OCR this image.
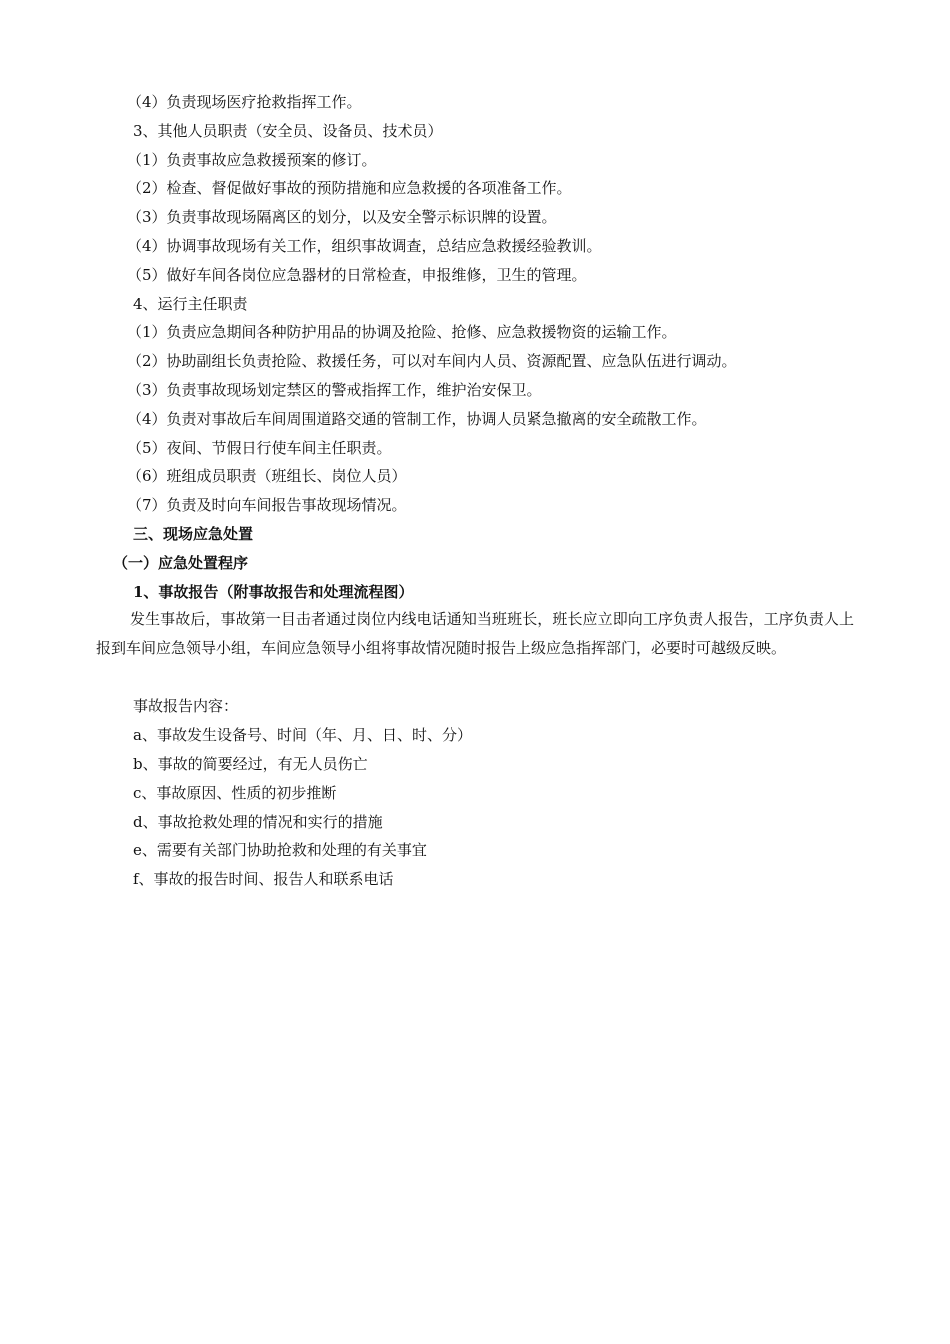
（4）负责现场医疗抢救指挥工作。
3、其他人员职责（安全员、设备员、技术员）
（1）负责事故应急救援预案的修订。
（2）检查、督促做好事故的预防措施和应急救援的各项准备工作。
（3）负责事故现场隔离区的划分，以及安全警示标识牌的设置。
（4）协调事故现场有关工作，组织事故调查，总结应急救援经验教训。
（5）做好车间各岗位应急器材的日常检查，申报维修，卫生的管理。
4、运行主任职责
（1）负责应急期间各种防护用品的协调及抢险、抢修、应急救援物资的运输工作。
（2）协助副组长负责抢险、救援任务，可以对车间内人员、资源配置、应急队伍进行调动。
（3）负责事故现场划定禁区的警戒指挥工作，维护治安保卫。
（4）负责对事故后车间周围道路交通的管制工作，协调人员紧急撤离的安全疏散工作。
（5）夜间、节假日行使车间主任职责。
（6）班组成员职责（班组长、岗位人员）
（7）负责及时向车间报告事故现场情况。
三、现场应急处置
（一）应急处置程序
1、事故报告（附事故报告和处理流程图）
发生事故后，事故第一目击者通过岗位内线电话通知当班班长，班长应立即向工序负责人报告，工序负责人上报到车间应急领导小组，车间应急领导小组将事故情况随时报告上级应急指挥部门，必要时可越级反映。
事故报告内容：
a、事故发生设备号、时间（年、月、日、时、分）
b、事故的简要经过，有无人员伤亡
c、事故原因、性质的初步推断
d、事故抢救处理的情况和实行的措施
e、需要有关部门协助抢救和处理的有关事宜
f、事故的报告时间、报告人和联系电话
